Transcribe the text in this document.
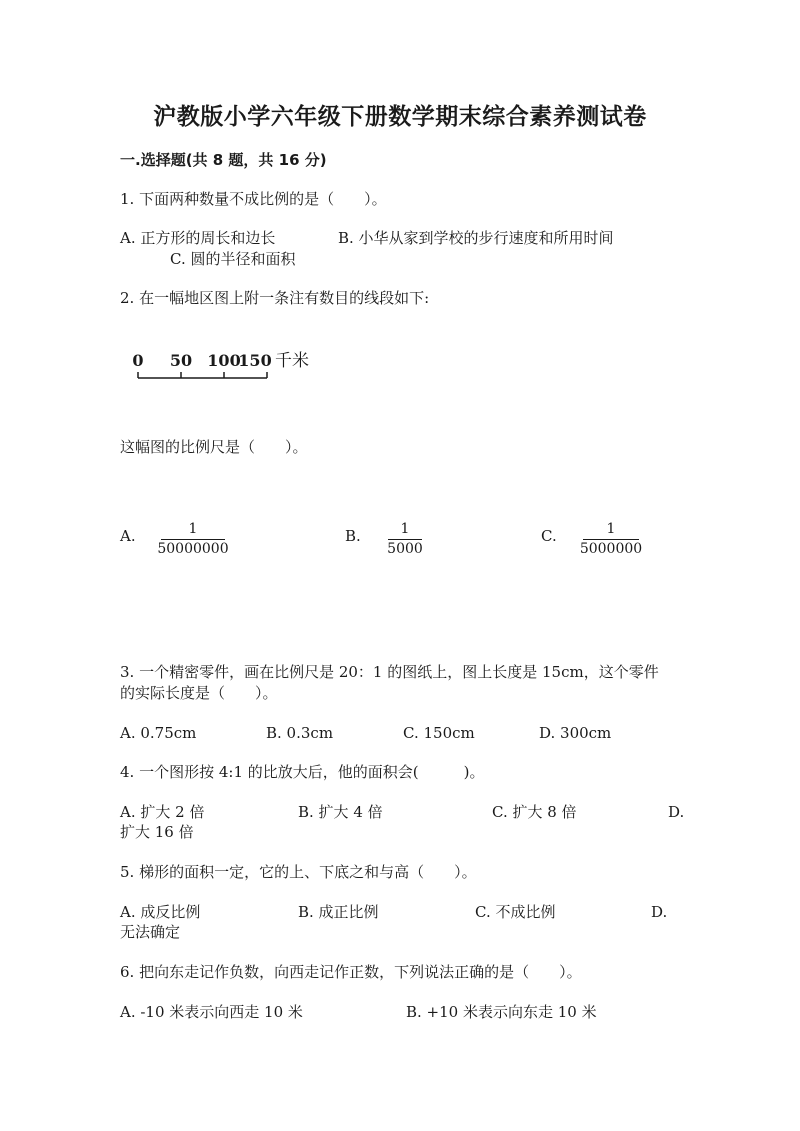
沪教版小学六年级下册数学期末综合素养测试卷
一.选择题(共 8 题，共 16 分)
1. 下面两种数量不成比例的是（　　）。
A. 正方形的周长和边长	B. 小华从家到学校的步行速度和所用时间
C. 圆的半径和面积
2. 在一幅地区图上附一条注有数目的线段如下:
0 50 100
150 千米
这幅图的比例尺是（　　）。
A.	1
50000000
B.	1
5000
C.	1
5000000
3. 一个精密零件，画在比例尺是 20：1 的图纸上，图上长度是 15cm，这个零件
的实际长度是（　　）。
A. 0.75cm	B. 0.3cm	C. 150cm	D. 300cm
4. 一个图形按 4:1 的比放大后，他的面积会(　　　)。
A. 扩大 2 倍	B. 扩大 4 倍	C. 扩大 8 倍	D.
扩大 16 倍
5. 梯形的面积一定，它的上、下底之和与高（　　）。
A. 成反比例	B. 成正比例	C. 不成比例	D.
无法确定
6. 把向东走记作负数，向西走记作正数，下列说法正确的是（　　）。
A. -10 米表示向西走 10 米	B. +10 米表示向东走 10 米
